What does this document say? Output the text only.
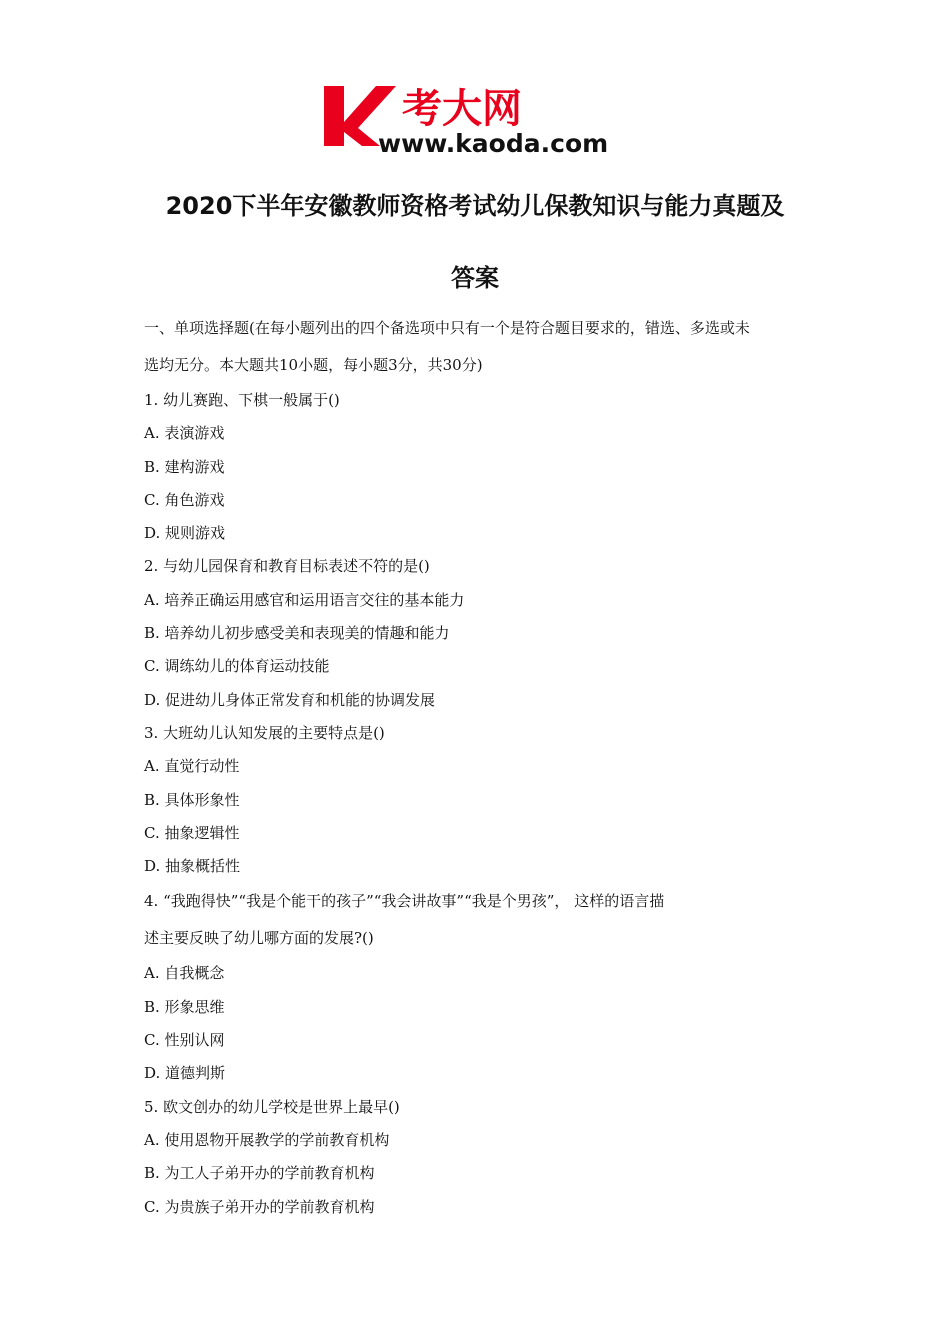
考大网
www.kaoda.com
K
2020下半年安徽教师资格考试幼儿保教知识与能力真题及
答案

一、单项选择题(在每小题列出的四个备选项中只有一个是符合题目要求的，错选、多选或未

选均无分。本大题共10小题，每小题3分，共30分)

1. 幼儿赛跑、下棋一般属于()

A. 表演游戏

B. 建构游戏

C. 角色游戏

D. 规则游戏

2. 与幼儿园保育和教育目标表述不符的是()

A. 培养正确运用感官和运用语言交往的基本能力

B. 培养幼儿初步感受美和表现美的情趣和能力

C. 调练幼儿的体育运动技能

D. 促进幼儿身体正常发育和机能的协调发展

3. 大班幼儿认知发展的主要特点是()

A. 直觉行动性

B. 具体形象性

C. 抽象逻辑性

D. 抽象概括性

4. “我跑得快”“我是个能干的孩子”“我会讲故事”“我是个男孩”， 这样的语言描

述主要反映了幼儿哪方面的发展?()

A. 自我概念

B. 形象思维

C. 性别认网

D. 道德判斯

5. 欧文创办的幼儿学校是世界上最早()

A. 使用恩物开展教学的学前教育机构

B. 为工人子弟开办的学前教育机构

C. 为贵族子弟开办的学前教育机构
